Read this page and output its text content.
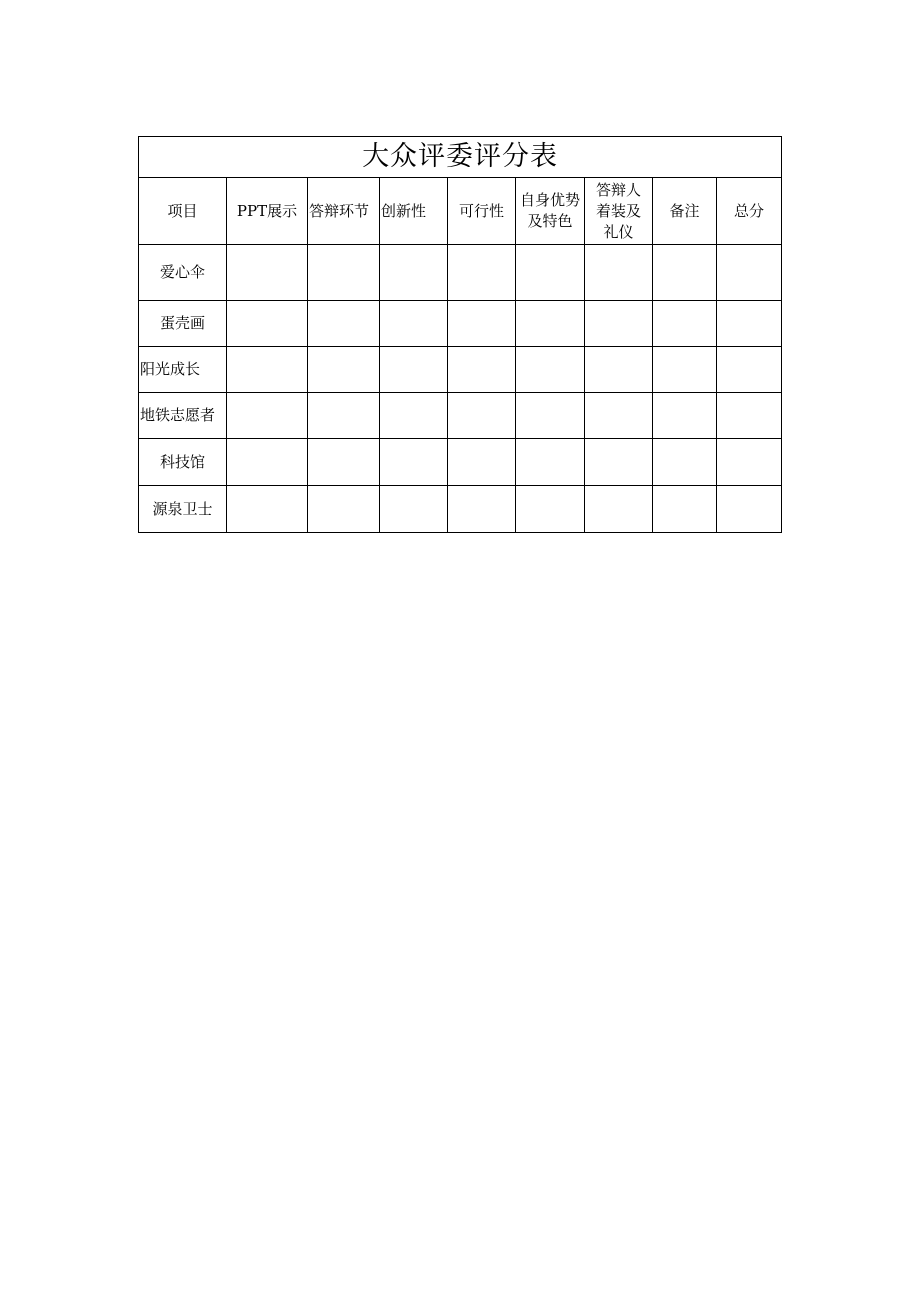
大众评委评分表								
项目	PPT展示	答辩环节	创新性	可行性	自身优势及特色	答辩人着装及礼仪	备注	总分
爱心伞								
蛋壳画								
阳光成长								
地铁志愿者								
科技馆								
源泉卫士								
